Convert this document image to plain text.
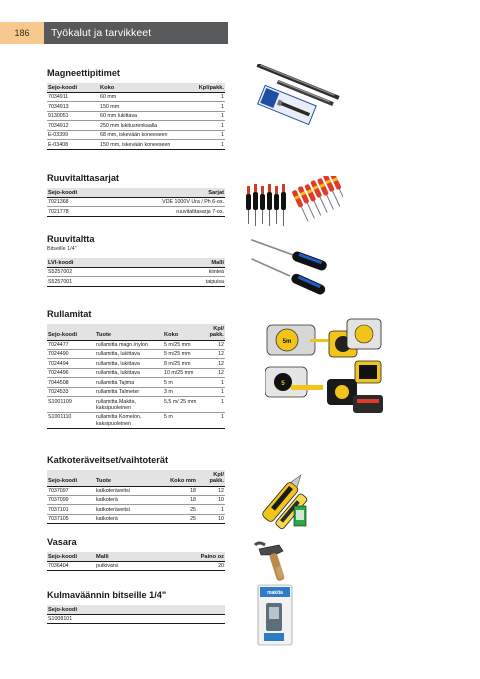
186	Työkalut ja tarvikkeet
Magneettipitimet
Sejo-koodi	Koko	Kpl/pakk.
7034911	60 mm	1
7034913	150 mm	1
9130051	60 mm lukittava	1
7034912	250 mm lukitusrenkaalla	1
E-03399	68 mm, iskevään koneeseen	1
E-03408	150 mm, iskevään koneeseen	1
Ruuvitalttasarjat
Sejo-koodi	Sarjat
7021368	VDE 1000V Ura / Ph 6-os.
7021778	ruuvitalttasarja 7-os.
Ruuvitaltta
Bitseille 1/4"
LVI-koodi	Malli
S5257002	kiinteä
S5257001	taipuisa
Rullamitat
Sejo-koodi	Tuote	Koko	Kpl/ pakk.
7024477	rullamitta magn./nylon	5 m/25 mm	12
7024490	rullamitta, lukittava	5 m/25 mm	12
7024494	rullamitta, lukittava	8 m/25 mm	12
7024496	rullamitta, lukittava	10 m/25 mm	12
7044508	rullamitta Tajima	5 m	1
7024533	rullamitta Talmeter	3 m	1
S1001109	rullamitta Makita, kaksipuoleinen	5,5 m/ 25 mm	1
S1001110	rullamitta Komelon, kaksipuoleinen	5 m	1
Katkoteräveitset/vaihtoterät
Sejo-koodi	Tuote	Koko mm	Kpl/ pakk.
7037097	katkoteräveitsi	18	12
7037099	katkoterä	18	10
7037101	katkoteräveitsi	25	1
7037105	katkoterä	25	10
Vasara
Sejo-koodi	Malli	Paino oz
7036404	putkivarsi	20
Kulmaväännin bitseille 1/4"
Sejo-koodi
S1008101
5m
5
makita
